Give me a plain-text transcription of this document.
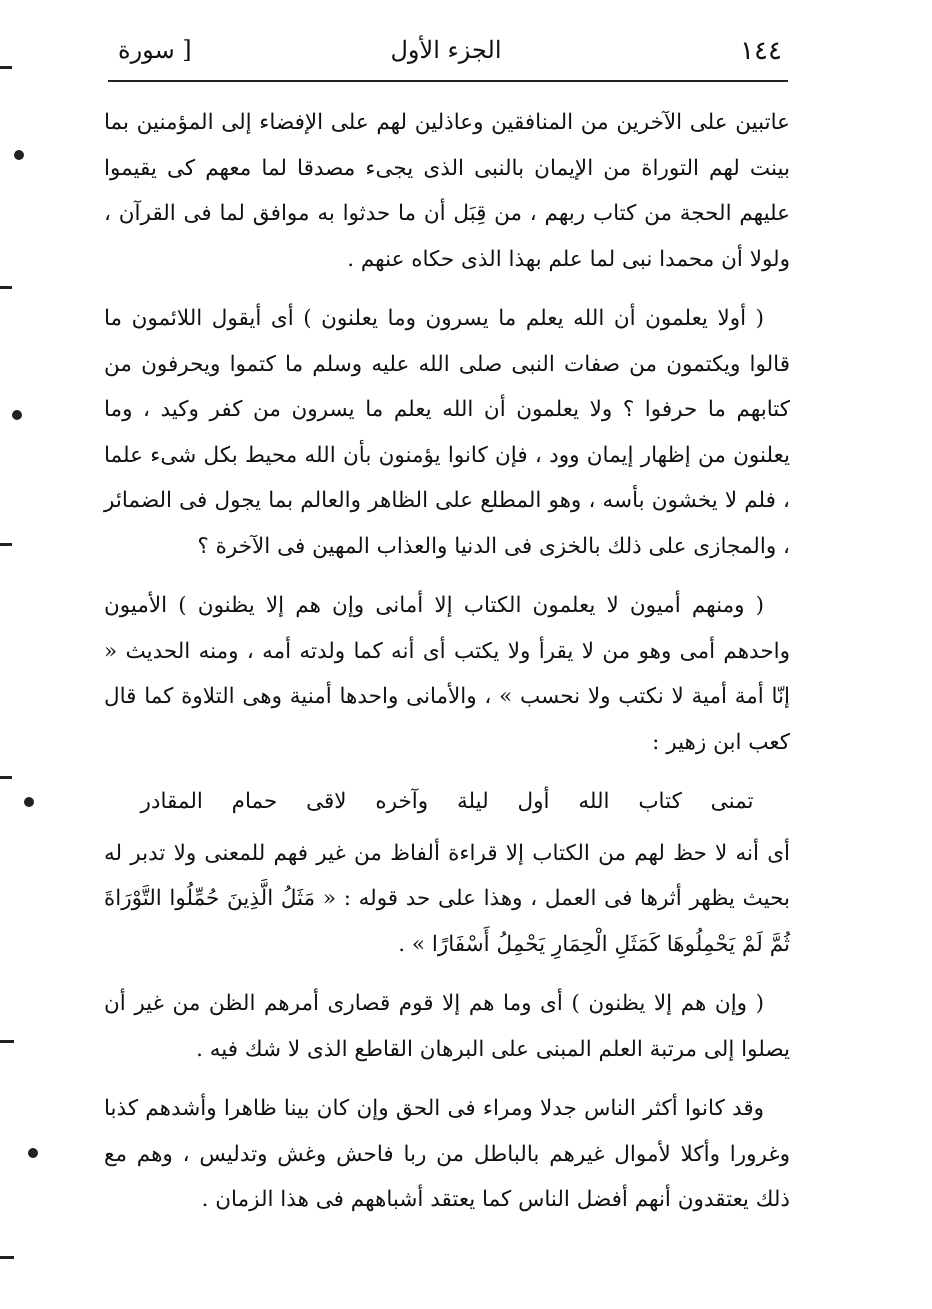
١٤٤
الجزء الأول
[ سورة

عاتبين على الآخرين من المنافقين وعاذلين لهم على الإفضاء إلى المؤمنين بما بينت لهم التوراة من الإيمان بالنبى الذى يجىء مصدقا لما معهم كى يقيموا عليهم الحجة من كتاب ربهم ، من قِبَل أن ما حدثوا به موافق لما فى القرآن ، ولولا أن محمدا نبى لما علم بهذا الذى حكاه عنهم .

( أولا يعلمون أن الله يعلم ما يسرون وما يعلنون ) أى أيقول اللائمون ما قالوا ويكتمون من صفات النبى صلى الله عليه وسلم ما كتموا ويحرفون من كتابهم ما حرفوا ؟ ولا يعلمون أن الله يعلم ما يسرون من كفر وكيد ، وما يعلنون من إظهار إيمان وود ، فإن كانوا يؤمنون بأن الله محيط بكل شىء علما ، فلم لا يخشون بأسه ، وهو المطلع على الظاهر والعالم بما يجول فى الضمائر ، والمجازى على ذلك بالخزى فى الدنيا والعذاب المهين فى الآخرة ؟

( ومنهم أميون لا يعلمون الكتاب إلا أمانى وإن هم إلا يظنون ) الأميون واحدهم أمى وهو من لا يقرأ ولا يكتب أى أنه كما ولدته أمه ، ومنه الحديث « إنّا أمة أمية لا نكتب ولا نحسب » ، والأمانى واحدها أمنية وهى التلاوة كما قال كعب ابن زهير :

تمنى كتاب الله أول ليلة وآخره لاقى حمام المقادر

أى أنه لا حظ لهم من الكتاب إلا قراءة ألفاظ من غير فهم للمعنى ولا تدبر له بحيث يظهر أثرها فى العمل ، وهذا على حد قوله : « مَثَلُ الَّذِينَ حُمِّلُوا التَّوْرَاةَ ثُمَّ لَمْ يَحْمِلُوهَا كَمَثَلِ الْحِمَارِ يَحْمِلُ أَسْفَارًا » .

( وإن هم إلا يظنون ) أى وما هم إلا قوم قصارى أمرهم الظن من غير أن يصلوا إلى مرتبة العلم المبنى على البرهان القاطع الذى لا شك فيه .

وقد كانوا أكثر الناس جدلا ومراء فى الحق وإن كان بينا ظاهرا وأشدهم كذبا وغرورا وأكلا لأموال غيرهم بالباطل من ربا فاحش وغش وتدليس ، وهم مع ذلك يعتقدون أنهم أفضل الناس كما يعتقد أشباههم فى هذا الزمان .
